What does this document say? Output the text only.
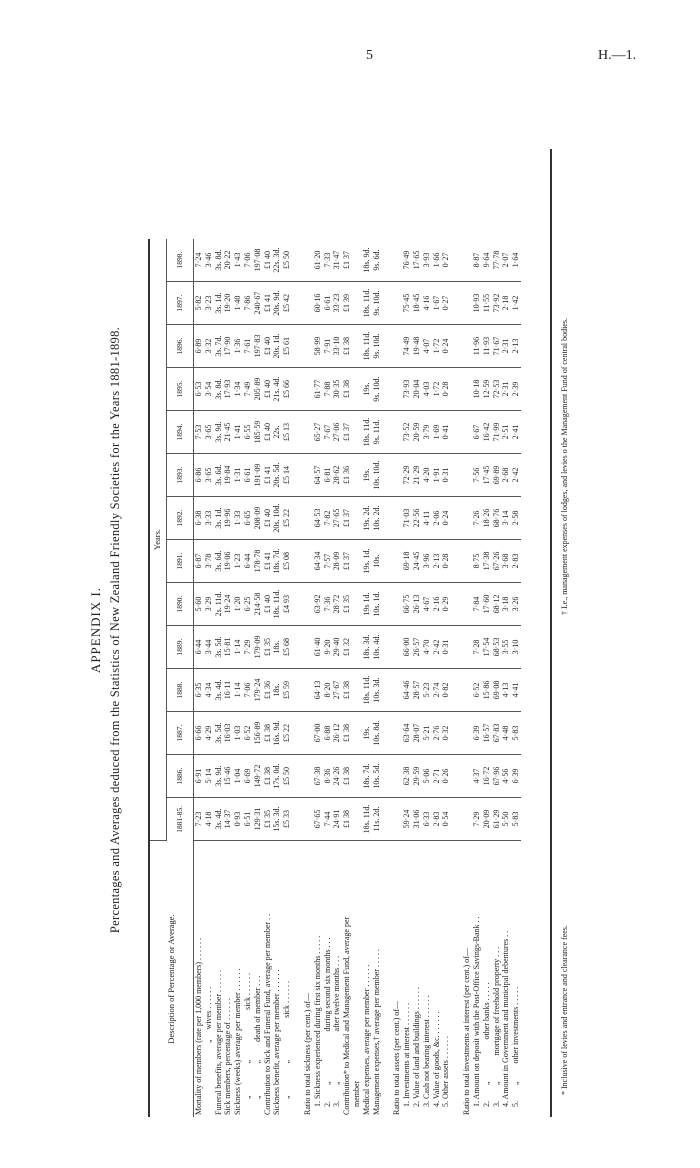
5	H.—1.
APPENDIX I. Percentages and Averages deduced from the Statistics of New Zealand Friendly Societies for the Years 1881-1898.
Description of Percentage or Average.	Years.													
	1881-85.	1886.	1887.	1888.	1889.	1890.	1891.	1892.	1893.	1894.	1895.	1896.	1897.	1898.
Mortality of members (rate per 1,000 members) . . . . . .	7·23	6·91	6·66	6·35	6·44	5·60	6·87	6·38	6·86	7·53	6·53	6·89	5·82	7·24
　　　　　　　　　„　 wives . . . . . .	4·18	5·14	4·29	4·34	3·44	3·29	3·78	3·33	3·65	3·65	3·54	3·32	3·23	3·46
Funeral benefits, average per member . . . . . .	3s. 4d.	3s. 9d.	3s. 5d.	3s. 4d.	3s. 5d.	2s. 11d.	3s. 6d.	3s. 1d.	3s. 6d.	3s. 9d.	3s. 8d.	3s. 7d.	3s. 1d.	3s. 8d.
Sick members, percentage of . . . . . .	14·37	15·46	16·03	16·11	15·81	19·24	19·06	19·96	19·84	21·45	17·93	17·90	19·20	20·22
Sickness (weeks) average per member . . . . . .	0·93	1·04	1·03	1·14	1·14	1·20	1·23	1·33	1·31	1·41	1·34	1·36	1·40	1·43
　　„　　　　„　　　　　　 sick . . . . . .	6·51	6·69	6·52	7·06	7·29	6·25	6·44	6·65	6·61	6·55	7·49	7·61	7·86	7·06
　　„　　　　„　　 death of member . . .	129·31	149·72	156·89	179·24	179·09	214·58	178·78	208·09	191·09	185·59	205·89	197·83	240·67	197·08
Contribution to Sick and Funeral Fund, average per member . .	£1 35	£1 38	£1 38	£1 36	£1 35	£1 40	£1 41	£1 40	£1 41	£1 40	£1 40	£1 40	£1 41	£1 40
Sickness benefit, average per member . . . . . .	15s. 3d.	17s. 0d.	16s. 9d.	18s.	18s.	18s. 11d.	18s. 7d.	20s. 10d.	20s. 5d.	22s.	21s. 4d.	20s. 1d.	20s. 9d.	22s. 3d.
　　„　　　　„　　　　　 sick . . . . . .	£5 33	£5 50	£5 22	£5 59	£5 68	£4 93	£5 08	£5 22	£5 14	£5 13	£5 66	£5 61	£5 42	£5 50

Ratio to total sickness (per cent.) of—														
 1. Sickness experienced during first six months . . . . .	67·65	67·38	67·00	64·13	61·40	63·92	64·34	64·53	64·57	65·27	61·77	58·99	60·16	61·20
 2.　　„　　　　　　 during second six months . . .	7·44	8·36	6·88	8·20	9·20	7·36	7·57	7·82	6·81	7·67	7·88	7·91	6·61	7·33
 3.　　„　　　　　　 after twelve months . . .	24·91	24·26	26·12	27·67	29·40	28·72	28·09	27·65	28·62	27·06	30·35	33·10	33·23	31·47
Contribution* to Medical and Management Fund, average per	£1 38	£1 38	£1 38	£1 38	£1 32	£1 35	£1 37	£1 37	£1 36	£1 37	£1 38	£1 38	£1 39	£1 37
 member														
Medical expenses, average per member . . . . . .	18s. 11d.	18s. 7d.	19s.	18s. 11d.	18s. 3d.	19s 1d.	19s. 1d.	19s. 2d.	19s.	18s. 11d.	19s.	18s. 11d.	18s. 11d.	18s. 9d.
Management expenses,† average per member . . . . .	11s. 2d.	10s. 5d.	10s. 8d.	10s. 3d.	10s. 4d.	10s. 1d.	10s.	10s. 2d.	10s. 10d.	9s. 11d.	9s. 10d.	9s. 10d.	9s. 10d.	9s. 6d.

Ratio to total assets (per cent.) of—														
 1. Investments at interest . . . . . .	59·24	62·38	63·64	64·46	66·00	66·75	69·18	71·03	72·29	73·52	73·93	74·49	75·45	76·49
 2. Value of land and buildings . . . . . .	31·06	29·59	28·07	28·57	26·57	26·13	24·45	22·56	21·29	20·59	20·04	19·48	18·45	17·65
 3. Cash not bearing interest . . . . . .	6·33	5·06	5·21	5·23	4·70	4·67	3·96	4·11	4·20	3·79	4·03	4·07	4·16	3·93
 4. Value of goods, &c. . . . . . .	2·83	2·71	2·76	2·74	2·42	2·16	2·13	2·06	1·91	1·69	1·72	1·72	1·67	1·66
 5. Other assets . . . . . .	0·54	0·26	0·32	0·82	0·31	0·29	0·28	0·24	0·31	0·41	0·28	0·24	0·27	0·27

Ratio to total investments at interest (per cent.) of—														
 1. Amount on deposit with the Post-Office Savings-Bank . .	7·29	4·37	6·39	6·52	7·28	7·84	8·75	7·26	7·56	6·67	10·18	11·96	10·93	8·87
 2.　　„　　　　　 other banks . . . . .	20·09	16·72	16·57	15·86	17·54	17·60	17·38	18·26	17·45	16·42	12·59	11·93	11·55	9·64
 3.　　„　　　 mortgage of freehold property . . .	61·29	67·96	67·83	69·08	68·53	68·12	67·26	68·76	69·89	71·99	72·53	71·67	73·92	77·78
 4. Amount in Government and municipal debentures . .	5·50	4·56	4·48	4·13	3·55	3·18	3·68	3·14	2·68	2·51	2·31	2·31	2·18	2·07
 5.　　„　　 other investments . . . . .	5·83	6·39	5·83	4·41	3·10	3·26	2·83	2·58	2·42	2·41	2·39	2·13	1·42	1·64
* Inclusive of levies and entrance and clearance fees.
† I.e., management expenses of lodges, and levies o the Management Fund of central bodies.
